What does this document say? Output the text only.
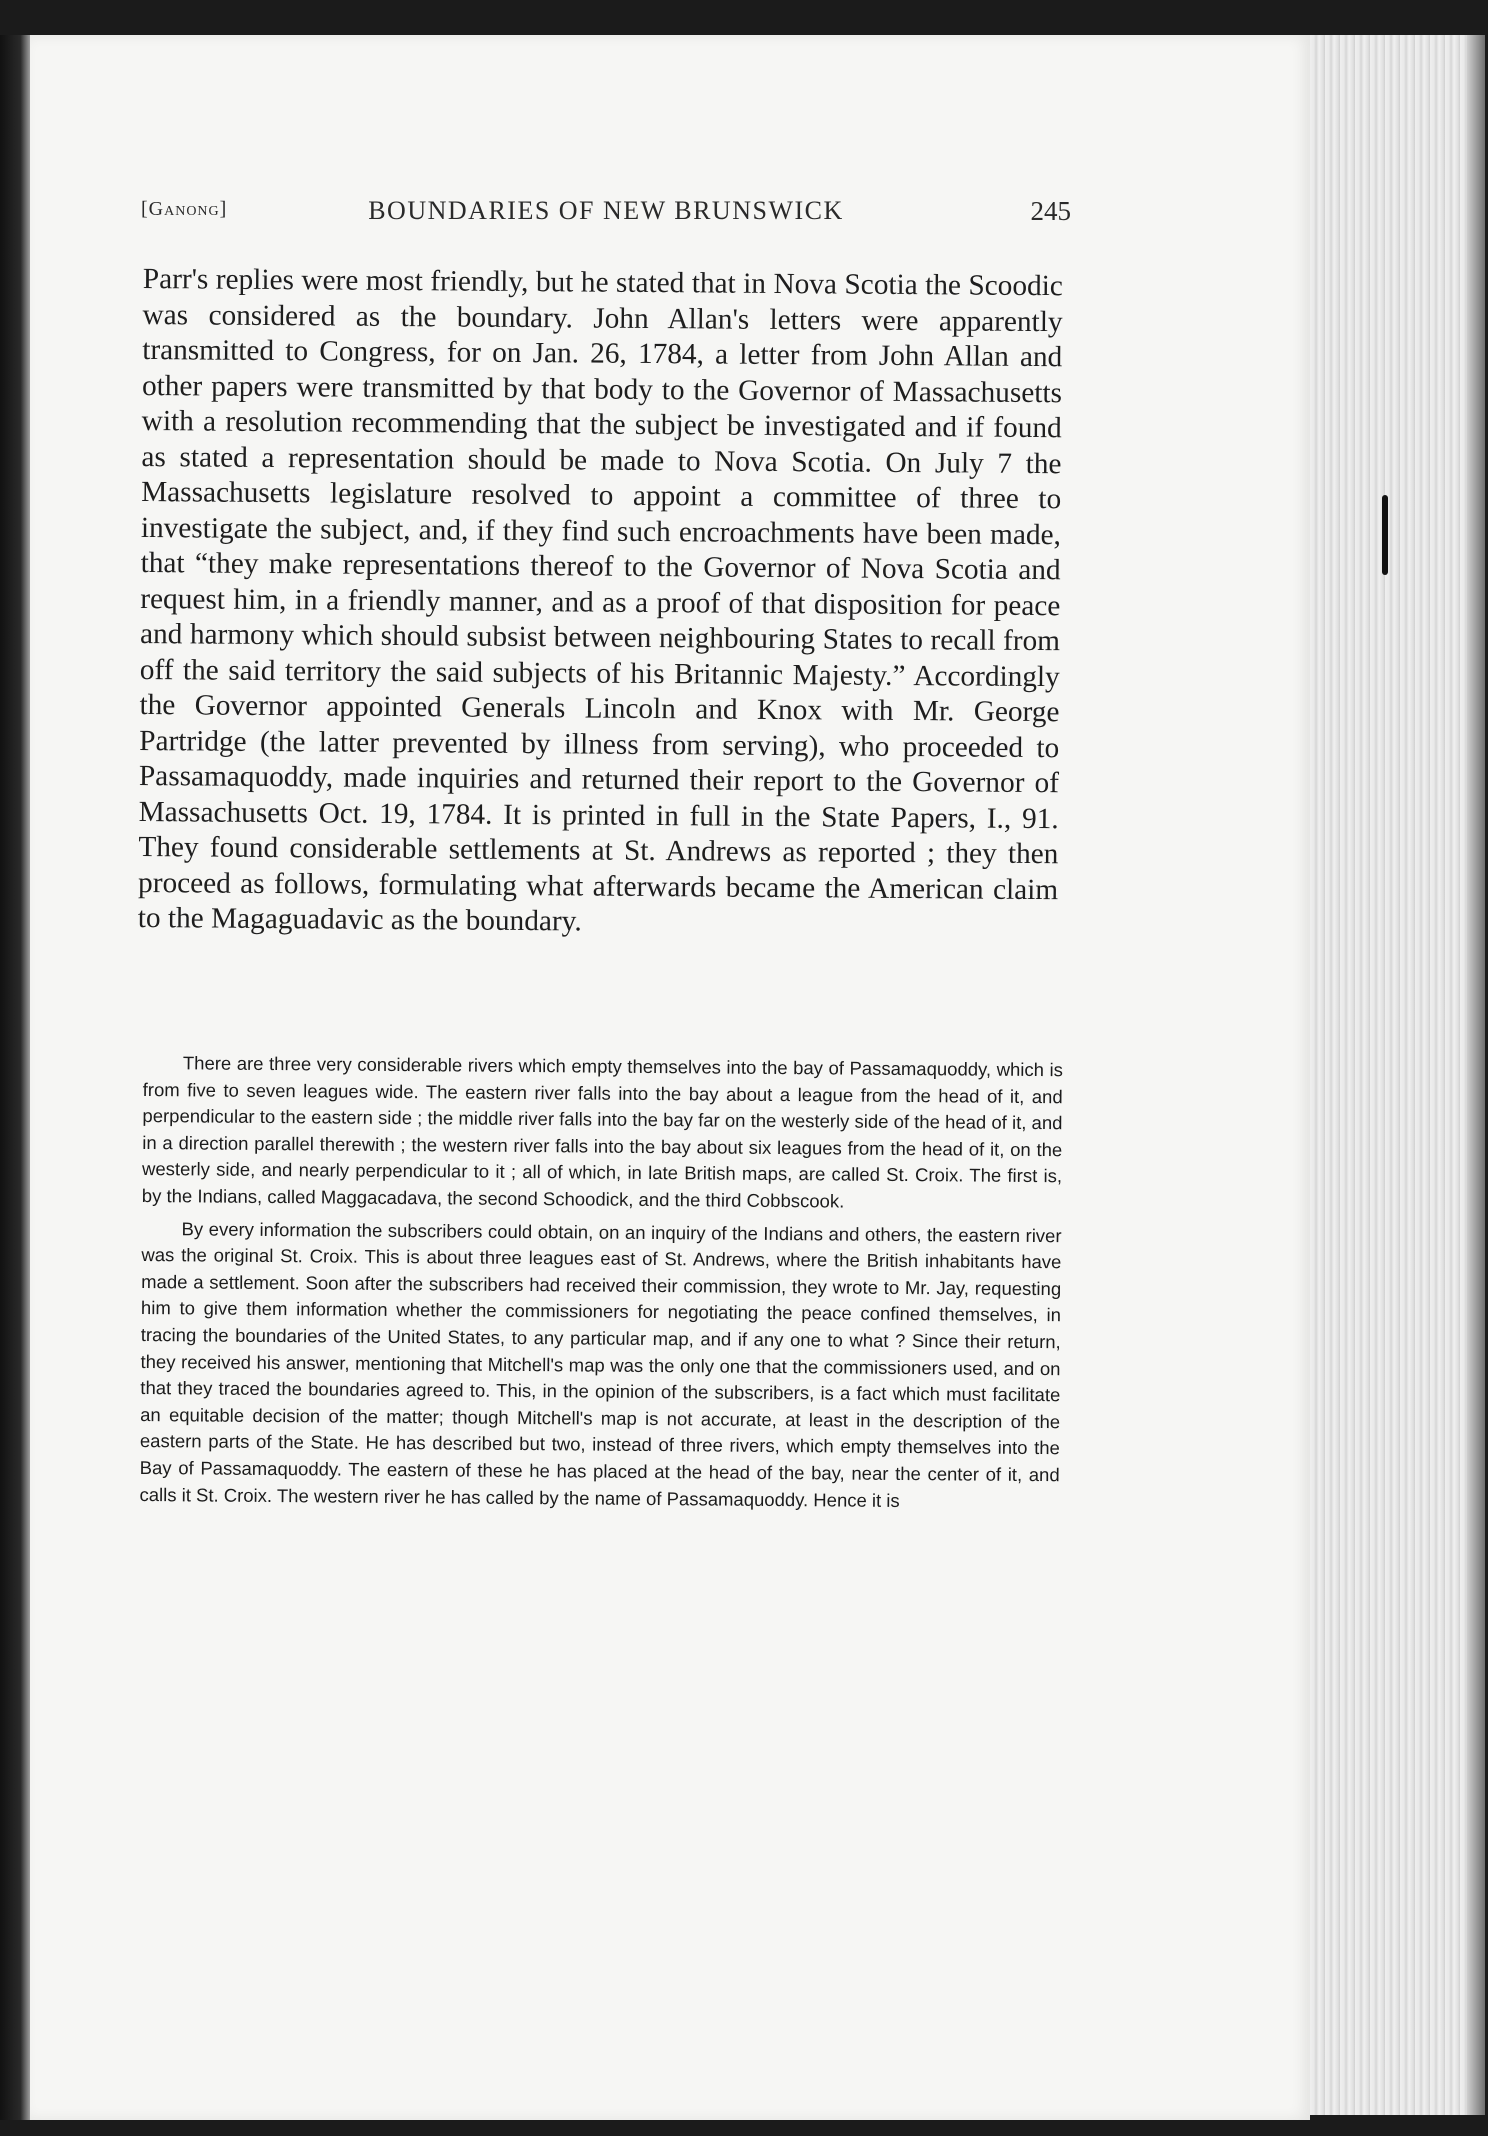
[Ganong]	BOUNDARIES OF NEW BRUNSWICK	245

Parr's replies were most friendly, but he stated that in Nova Scotia the Scoodic was considered as the boundary. John Allan's letters were apparently transmitted to Congress, for on Jan. 26, 1784, a letter from John Allan and other papers were transmitted by that body to the Governor of Massachusetts with a resolution recommending that the subject be investigated and if found as stated a representation should be made to Nova Scotia. On July 7 the Massachusetts legislature resolved to appoint a committee of three to investigate the subject, and, if they find such encroachments have been made, that “they make representations thereof to the Governor of Nova Scotia and request him, in a friendly manner, and as a proof of that disposition for peace and harmony which should subsist between neighbouring States to recall from off the said territory the said subjects of his Britannic Majesty.” Accordingly the Governor appointed Generals Lincoln and Knox with Mr. George Partridge (the latter prevented by illness from serving), who proceeded to Passamaquoddy, made inquiries and returned their report to the Governor of Massachusetts Oct. 19, 1784. It is printed in full in the State Papers, I., 91. They found considerable settlements at St. Andrews as reported ; they then proceed as follows, formulating what afterwards became the American claim to the Magaguadavic as the boundary.

There are three very considerable rivers which empty themselves into the bay of Passamaquoddy, which is from five to seven leagues wide. The eastern river falls into the bay about a league from the head of it, and perpendicular to the eastern side ; the middle river falls into the bay far on the westerly side of the head of it, and in a direction parallel therewith ; the western river falls into the bay about six leagues from the head of it, on the westerly side, and nearly perpendicular to it ; all of which, in late British maps, are called St. Croix. The first is, by the Indians, called Maggacadava, the second Schoodick, and the third Cobbscook.

By every information the subscribers could obtain, on an inquiry of the Indians and others, the eastern river was the original St. Croix. This is about three leagues east of St. Andrews, where the British inhabitants have made a settlement. Soon after the subscribers had received their commission, they wrote to Mr. Jay, requesting him to give them information whether the commissioners for negotiating the peace confined themselves, in tracing the boundaries of the United States, to any particular map, and if any one to what ? Since their return, they received his answer, mentioning that Mitchell's map was the only one that the commissioners used, and on that they traced the boundaries agreed to. This, in the opinion of the subscribers, is a fact which must facilitate an equitable decision of the matter; though Mitchell's map is not accurate, at least in the description of the eastern parts of the State. He has described but two, instead of three rivers, which empty themselves into the Bay of Passamaquoddy. The eastern of these he has placed at the head of the bay, near the center of it, and calls it St. Croix. The western river he has called by the name of Passamaquoddy. Hence it is
